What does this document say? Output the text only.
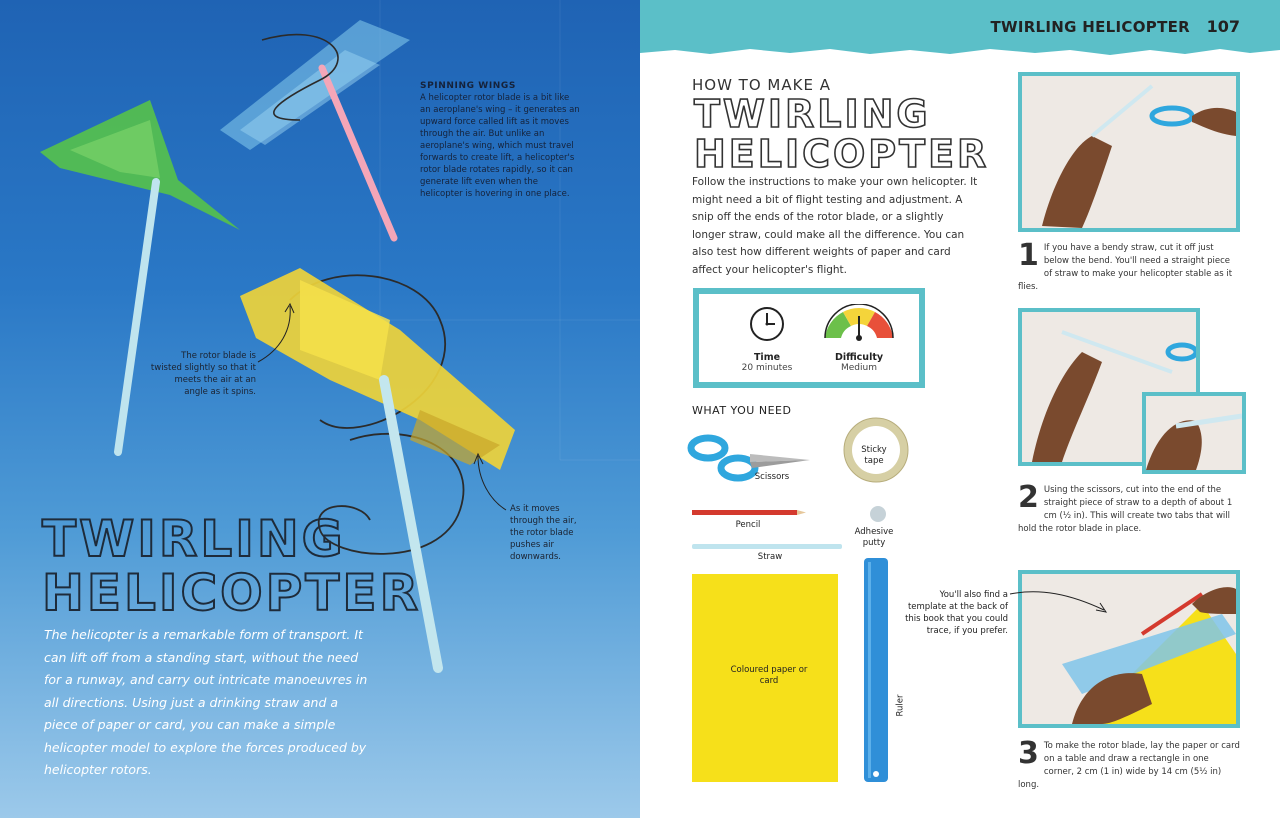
SPINNING WINGS
A helicopter rotor blade is a bit like an aeroplane's wing – it generates an upward force called lift as it moves through the air. But unlike an aeroplane's wing, which must travel forwards to create lift, a helicopter's rotor blade rotates rapidly, so it can generate lift even when the helicopter is hovering in one place.
The rotor blade is twisted slightly so that it meets the air at an angle as it spins.
As it moves through the air, the rotor blade pushes air downwards.
TWIRLING
HELICOPTER
The helicopter is a remarkable form of transport. It can lift off from a standing start, without the need for a runway, and carry out intricate manoeuvres in all directions. Using just a drinking straw and a piece of paper or card, you can make a simple helicopter model to explore the forces produced by helicopter rotors.
TWIRLING HELICOPTER 107
HOW TO MAKE A
TWIRLING
HELICOPTER
Follow the instructions to make your own helicopter. It might need a bit of flight testing and adjustment. A snip off the ends of the rotor blade, or a slightly longer straw, could make all the difference. You can also test how different weights of paper and card affect your helicopter's flight.
Time
20 minutes
Difficulty
Medium
WHAT YOU NEED
Scissors
Sticky tape
Pencil
Adhesive putty
Straw
Coloured paper or card
Ruler
1 If you have a bendy straw, cut it off just below the bend. You'll need a straight piece of straw to make your helicopter stable as it flies.
2 Using the scissors, cut into the end of the straight piece of straw to a depth of about 1 cm (½ in). This will create two tabs that will hold the rotor blade in place.
You'll also find a template at the back of this book that you could trace, if you prefer.
3 To make the rotor blade, lay the paper or card on a table and draw a rectangle in one corner, 2 cm (1 in) wide by 14 cm (5½ in) long.
